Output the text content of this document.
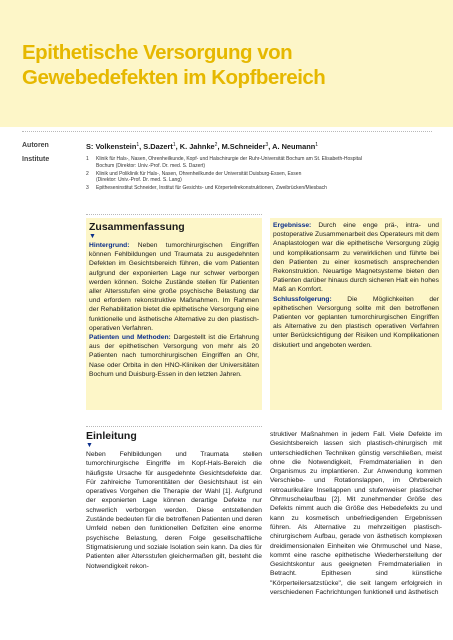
Epithetische Versorgung von Gewebedefekten im Kopfbereich
Autoren	S: Volkenstein$^1$, S.Dazert$^1$, K. Jahnke$^2$, M.Schneider$^3$, A. Neumann$^1$
Institute	1 Klinik für Hals-, Nasen, Ohrenheilkunde, Kopf- und Halschirurgie der Ruhr-Universität Bochum am St. Elisabeth-Hospital
Bochum (Direktor: Univ.-Prof. Dr. med. S. Dazert)
2 Klinik und Poliklinik für Hals-, Nasen, Ohrenheilkunde der Universität Duisburg-Essen, Essen
(Direktor: Univ.-Prof. Dr. med. S. Lang)
3 Epitheseninstitut Schneider, Institut für Gesichts- und Körperteilrekonstruktionen, Zweibrücken/Miesbach
Zusammenfassung
▼

Hintergrund: Neben tumorchirurgischen Eingriffen können Fehlbildungen und Traumata zu ausgedehnten Defekten im Gesichtsbereich führen, die vom Patienten aufgrund der exponierten Lage nur schwer verborgen werden können. Solche Zustände stellen für Patienten aller Altersstufen eine große psychische Belastung dar und erfordern rekonstruktive Maßnahmen. Im Rahmen der Rehabilitation bietet die epithetische Versorgung eine funktionelle und ästhetische Alternative zu den plastisch-operativen Verfahren.

Patienten und Methoden: Dargestellt ist die Erfahrung aus der epithetischen Versorgung von mehr als 20 Patienten nach tumorchirurgischen Eingriffen an Ohr, Nase oder Orbita in den HNO-Kliniken der Universitäten Bochum und Duisburg-Essen in den letzten Jahren.

Ergebnisse: Durch eine enge prä-, intra- und postoperative Zusammenarbeit des Operateurs mit dem Anaplastologen war die epithetische Versorgung zügig und komplikationsarm zu verwirklichen und führte bei den Patienten zu einer kosmetisch ansprechenden Rekonstruktion. Neuartige Magnetsysteme bieten den Patienten darüber hinaus durch sicheren Halt ein hohes Maß an Komfort.

Schlussfolgerung: Die Möglichkeiten der epithetischen Versorgung sollte mit den betroffenen Patienten vor geplanten tumorchirurgischen Eingriffen als Alternative zu den plastisch operativen Verfahren unter Berücksichtigung der Risiken und Komplikationen diskutiert und angeboten werden.

Einleitung
▼

Neben Fehlbildungen und Traumata stellen tumorchirurgische Eingriffe im Kopf-Hals-Bereich die häufigste Ursache für ausgedehnte Gesichtsdefekte dar. Für zahlreiche Tumorentitäten der Gesichtshaut ist ein operatives Vorgehen die Therapie der Wahl [1]. Aufgrund der exponierten Lage können derartige Defekte nur schwerlich verborgen werden. Diese entstellenden Zustände bedeuten für die betroffenen Patienten und deren Umfeld neben den funktionellen Defiziten eine enorme psychische Belastung, deren Folge gesellschaftliche Stigmatisierung und soziale Isolation sein kann. Da dies für Patienten aller Altersstufen gleichermaßen gilt, besteht die Notwendigkeit rekon-

struktiver Maßnahmen in jedem Fall. Viele Defekte im Gesichtsbereich lassen sich plastisch-chirurgisch mit unterschiedlichen Techniken günstig verschließen, meist ohne die Notwendigkeit, Fremdmaterialien in den Organismus zu implantieren. Zur Anwendung kommen Verschiebe- und Rotationslappen, im Ohrbereich retroaurikuläre Insellappen und stufenweiser plastischer Ohrmuschelaufbau [2]. Mit zunehmender Größe des Defekts nimmt auch die Größe des Hebedefekts zu und kann zu kosmetisch unbefriedigenden Ergebnissen führen. Als Alternative zu mehrzeitigen plastisch-chirurgischem Aufbau, gerade von ästhetisch komplexen dreidimensionalen Einheiten wie Ohrmuschel und Nase, kommt eine rasche epithetische Wiederherstellung der Gesichtskontur aus geeigneten Fremdmaterialien in Betracht. Epithesen sind künstliche "Körperteilersatzstücke", die seit langem erfolgreich in verschiedenen Fachrichtungen funktionell und ästhetisch
